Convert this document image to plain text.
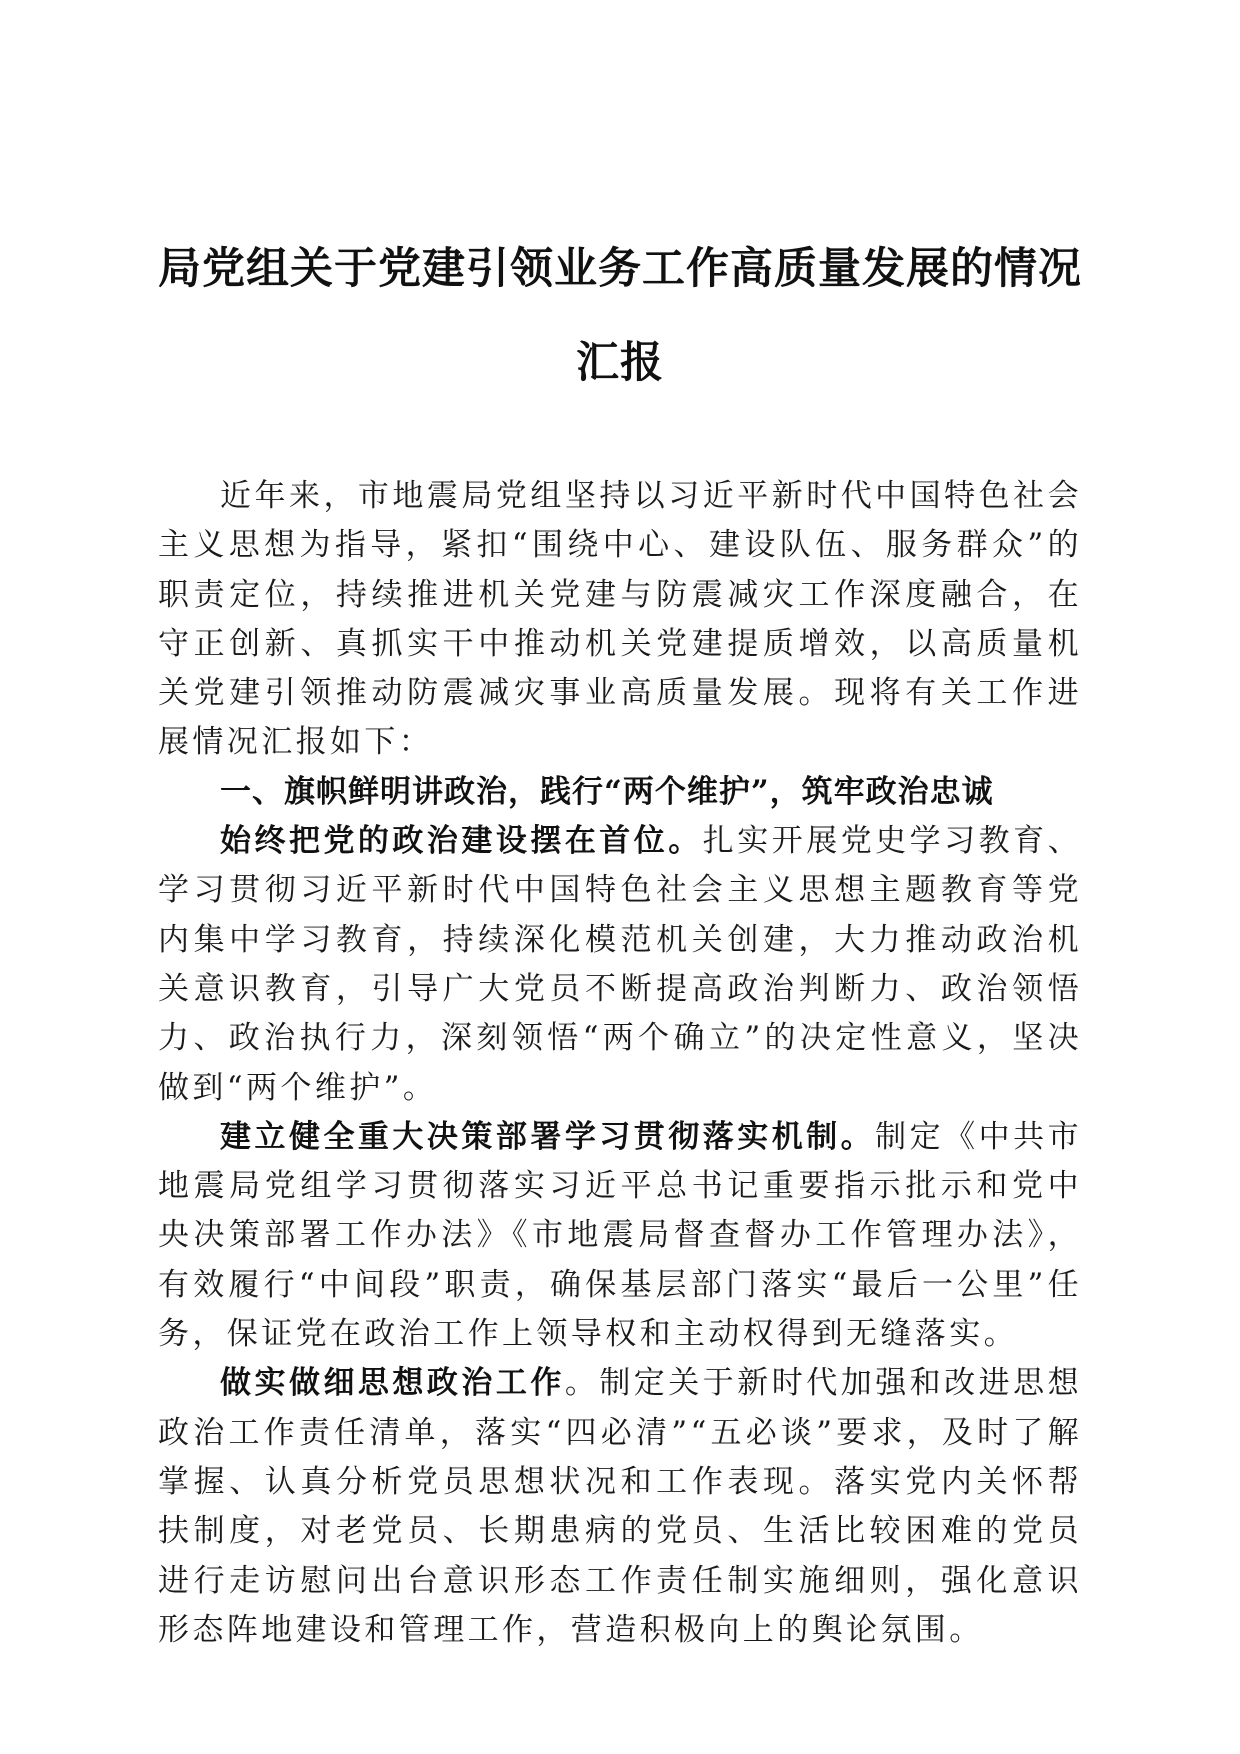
局党组关于党建引领业务工作高质量发展的情况汇报

近年来，市地震局党组坚持以习近平新时代中国特色社会主义思想为指导，紧扣“围绕中心、建设队伍、服务群众”的职责定位，持续推进机关党建与防震减灾工作深度融合，在守正创新、真抓实干中推动机关党建提质增效，以高质量机关党建引领推动防震减灾事业高质量发展。现将有关工作进展情况汇报如下：

一、旗帜鲜明讲政治，践行“两个维护”，筑牢政治忠诚

始终把党的政治建设摆在首位。扎实开展党史学习教育、学习贯彻习近平新时代中国特色社会主义思想主题教育等党内集中学习教育，持续深化模范机关创建，大力推动政治机关意识教育，引导广大党员不断提高政治判断力、政治领悟力、政治执行力，深刻领悟“两个确立”的决定性意义，坚决做到“两个维护”。

建立健全重大决策部署学习贯彻落实机制。制定《中共市地震局党组学习贯彻落实习近平总书记重要指示批示和党中央决策部署工作办法》《市地震局督查督办工作管理办法》，有效履行“中间段”职责，确保基层部门落实“最后一公里”任务，保证党在政治工作上领导权和主动权得到无缝落实。

做实做细思想政治工作。制定关于新时代加强和改进思想政治工作责任清单，落实“四必清”“五必谈”要求，及时了解掌握、认真分析党员思想状况和工作表现。落实党内关怀帮扶制度，对老党员、长期患病的党员、生活比较困难的党员进行走访慰问出台意识形态工作责任制实施细则，强化意识形态阵地建设和管理工作，营造积极向上的舆论氛围。
